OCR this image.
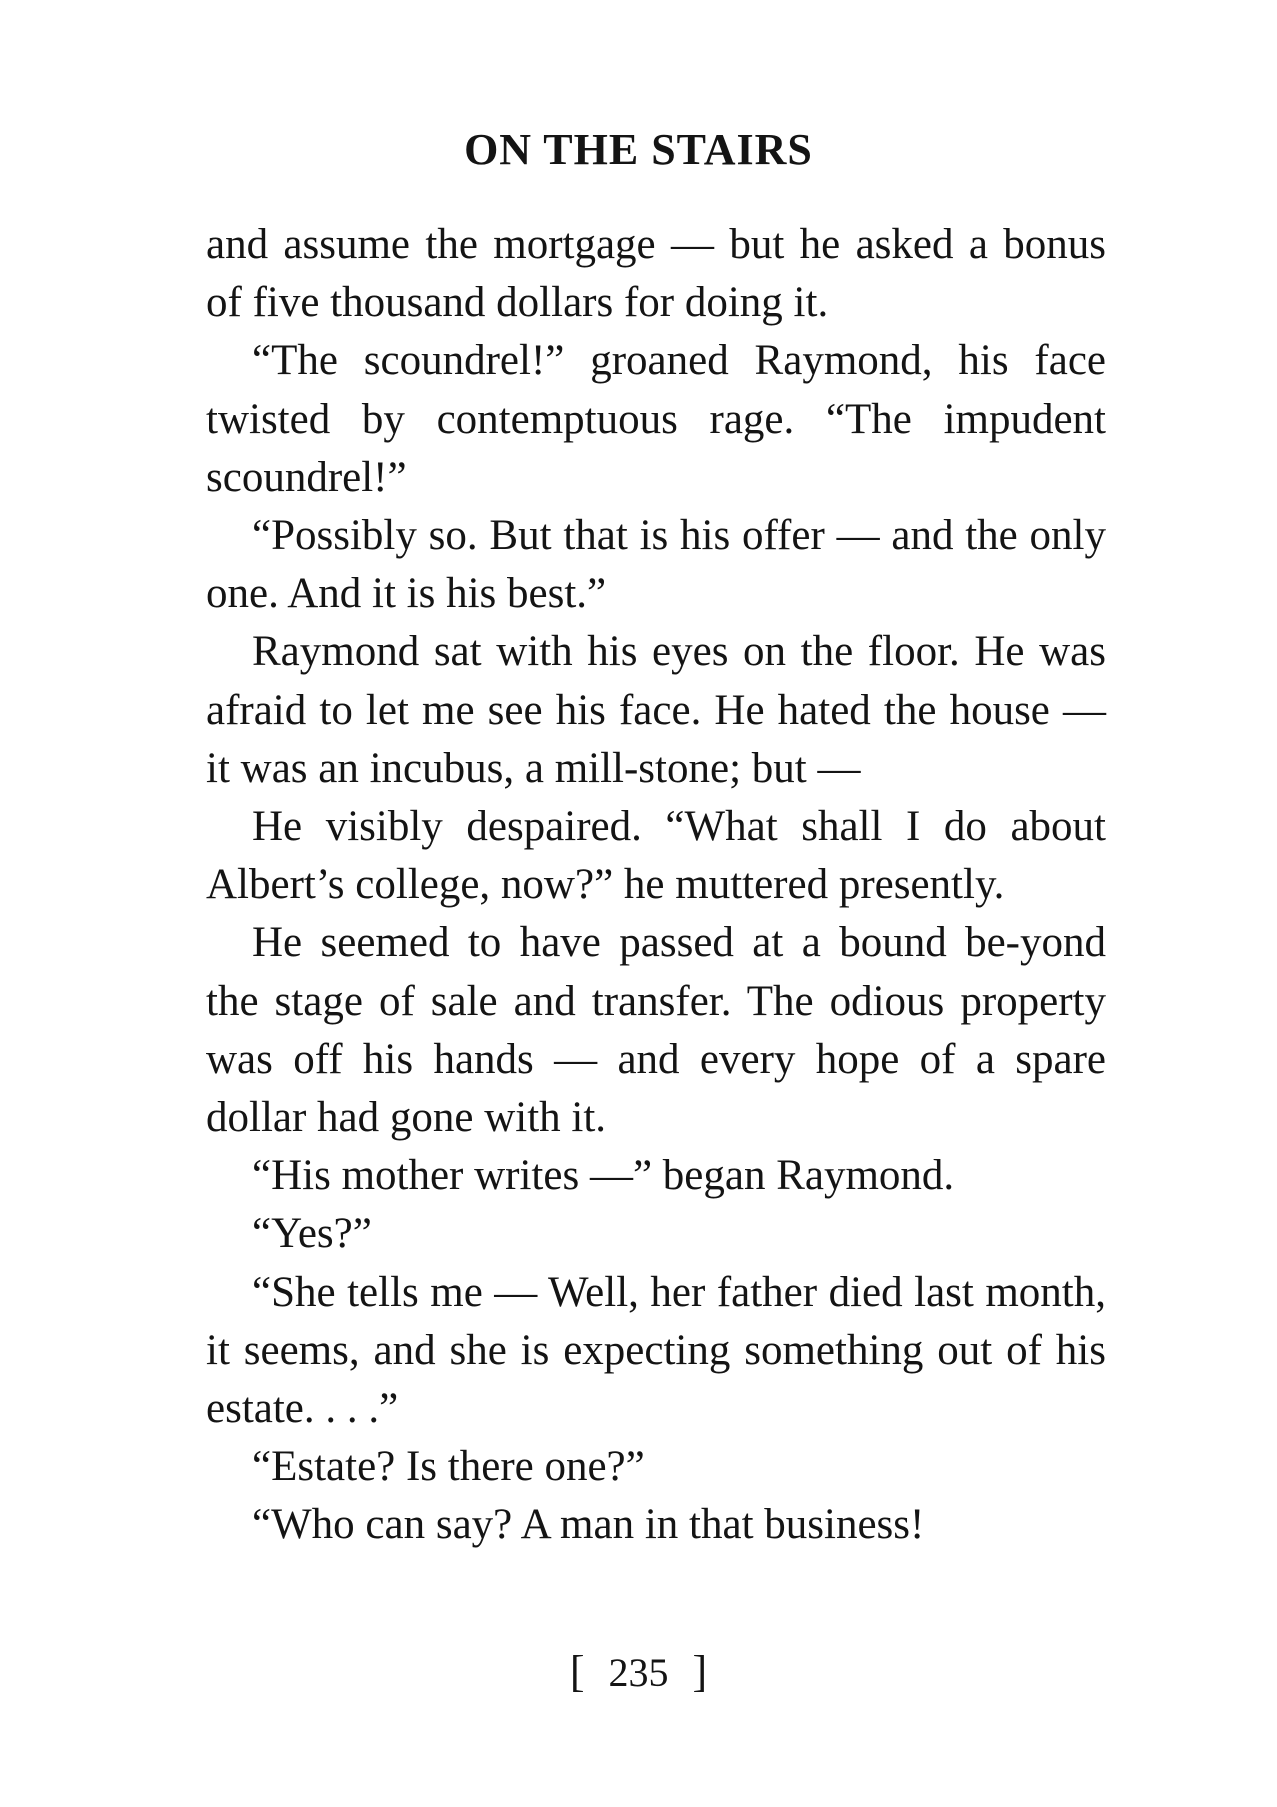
ON THE STAIRS

and assume the mortgage — but he asked a bonus of five thousand dollars for doing it.

“The scoundrel!” groaned Raymond, his face twisted by contemptuous rage. “The impudent scoundrel!”

“Possibly so. But that is his offer — and the only one. And it is his best.”

Raymond sat with his eyes on the floor. He was afraid to let me see his face. He hated the house — it was an incubus, a mill-stone; but —

He visibly despaired. “What shall I do about Albert’s college, now?” he muttered presently.

He seemed to have passed at a bound be-yond the stage of sale and transfer. The odious property was off his hands — and every hope of a spare dollar had gone with it.

“His mother writes —” began Raymond.

“Yes?”

“She tells me — Well, her father died last month, it seems, and she is expecting something out of his estate. . . .”

“Estate? Is there one?”

“Who can say? A man in that business!

[ 235 ]
